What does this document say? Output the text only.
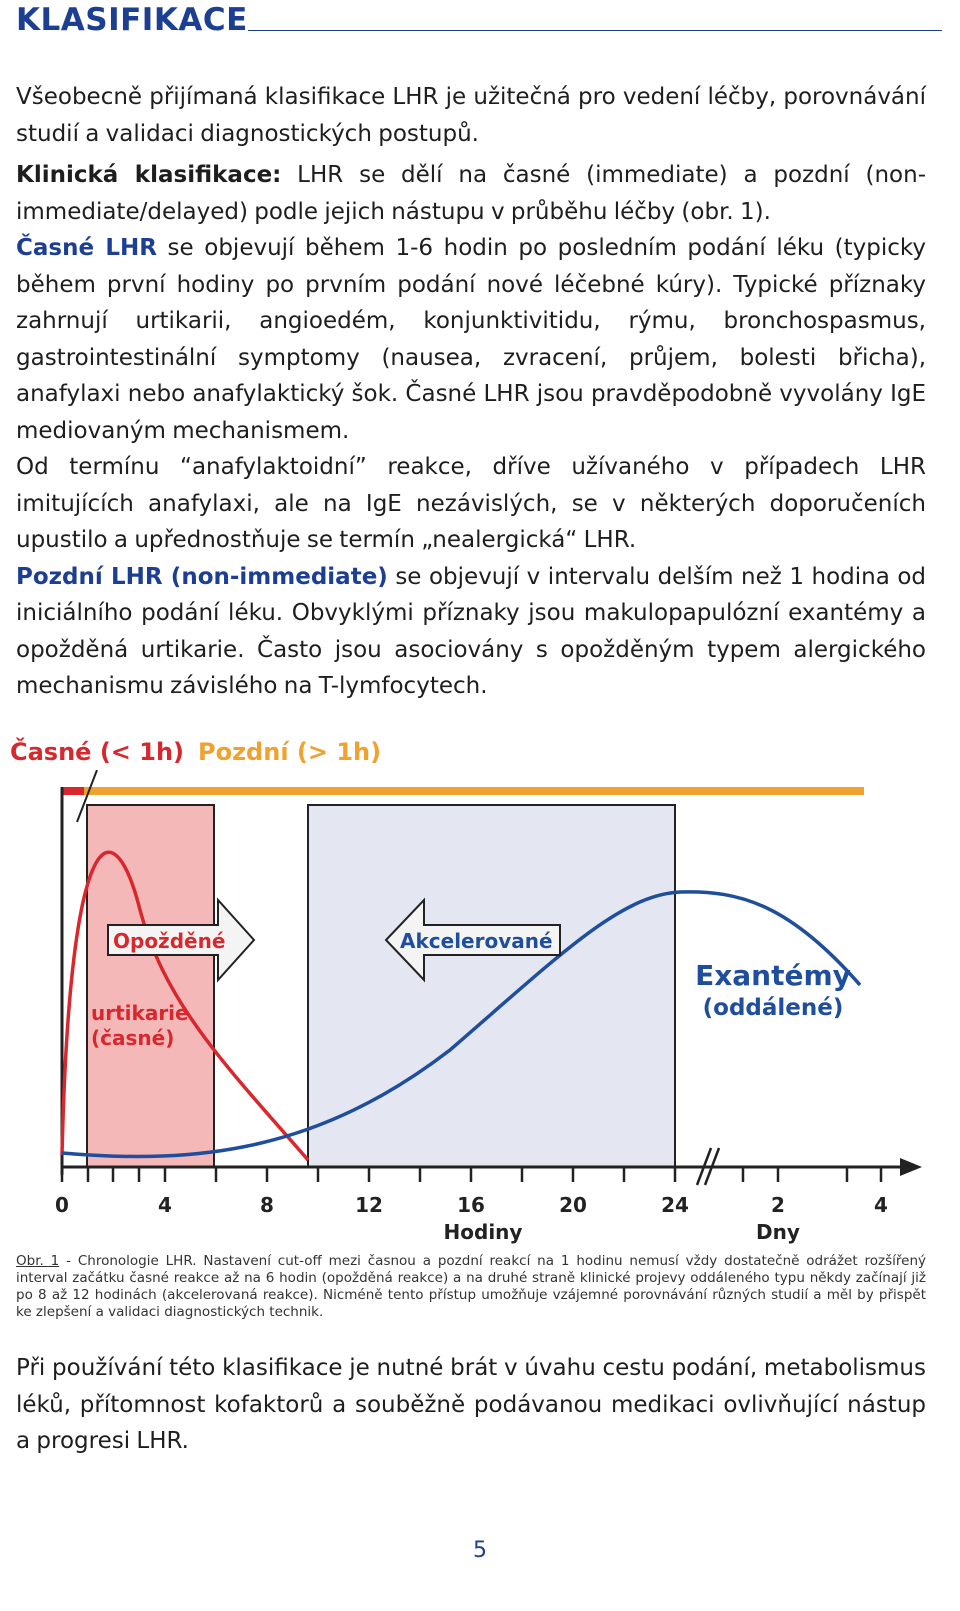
KLASIFIKACE

Všeobecně přijímaná klasifikace LHR je užitečná pro vedení léčby, porovnávání studií a validaci diagnostických postupů.

Klinická klasifikace: LHR se dělí na časné (immediate) a pozdní (non-immediate/delayed) podle jejich nástupu v průběhu léčby (obr. 1).

Časné LHR se objevují během 1-6 hodin po posledním podání léku (typicky během první hodiny po prvním podání nové léčebné kúry). Typické příznaky zahrnují urtikarii, angioedém, konjunktivitidu, rýmu, bronchospasmus, gastrointestinální symptomy (nausea, zvracení, průjem, bolesti břicha), anafylaxi nebo anafylaktický šok. Časné LHR jsou pravděpodobně vyvolány IgE mediovaným mechanismem.

Od termínu “anafylaktoidní” reakce, dříve užívaného v případech LHR imitujících anafylaxi, ale na IgE nezávislých, se v některých doporučeních upustilo a upřednostňuje se termín „nealergická“ LHR.

Pozdní LHR (non-immediate) se objevují v intervalu delším než 1 hodina od iniciálního podání léku. Obvyklými příznaky jsou makulopapulózní exantémy a opožděná urtikarie. Často jsou asociovány s opožděným typem alergického mechanismu závislého na T-lymfocytech.

Časné (< 1h) Pozdní (> 1h)
Opožděné	Akcelerované
urtikarie
(časné)
Exantémy
(oddálené)
0	4	8	12	16	20	24	2	4
Hodiny	Dny
Obr. 1 - Chronologie LHR. Nastavení cut-off mezi časnou a pozdní reakcí na 1 hodinu nemusí vždy dostatečně odrážet rozšířený interval začátku časné reakce až na 6 hodin (opožděná reakce) a na druhé straně klinické projevy oddáleného typu někdy začínají již po 8 až 12 hodinách (akcelerovaná reakce). Nicméně tento přístup umožňuje vzájemné porovnávání různých studií a měl by přispět ke zlepšení a validaci diagnostických technik.

Při používání této klasifikace je nutné brát v úvahu cestu podání, metabolismus léků, přítomnost kofaktorů a souběžně podávanou medikaci ovlivňující nástup a progresi LHR.

5
